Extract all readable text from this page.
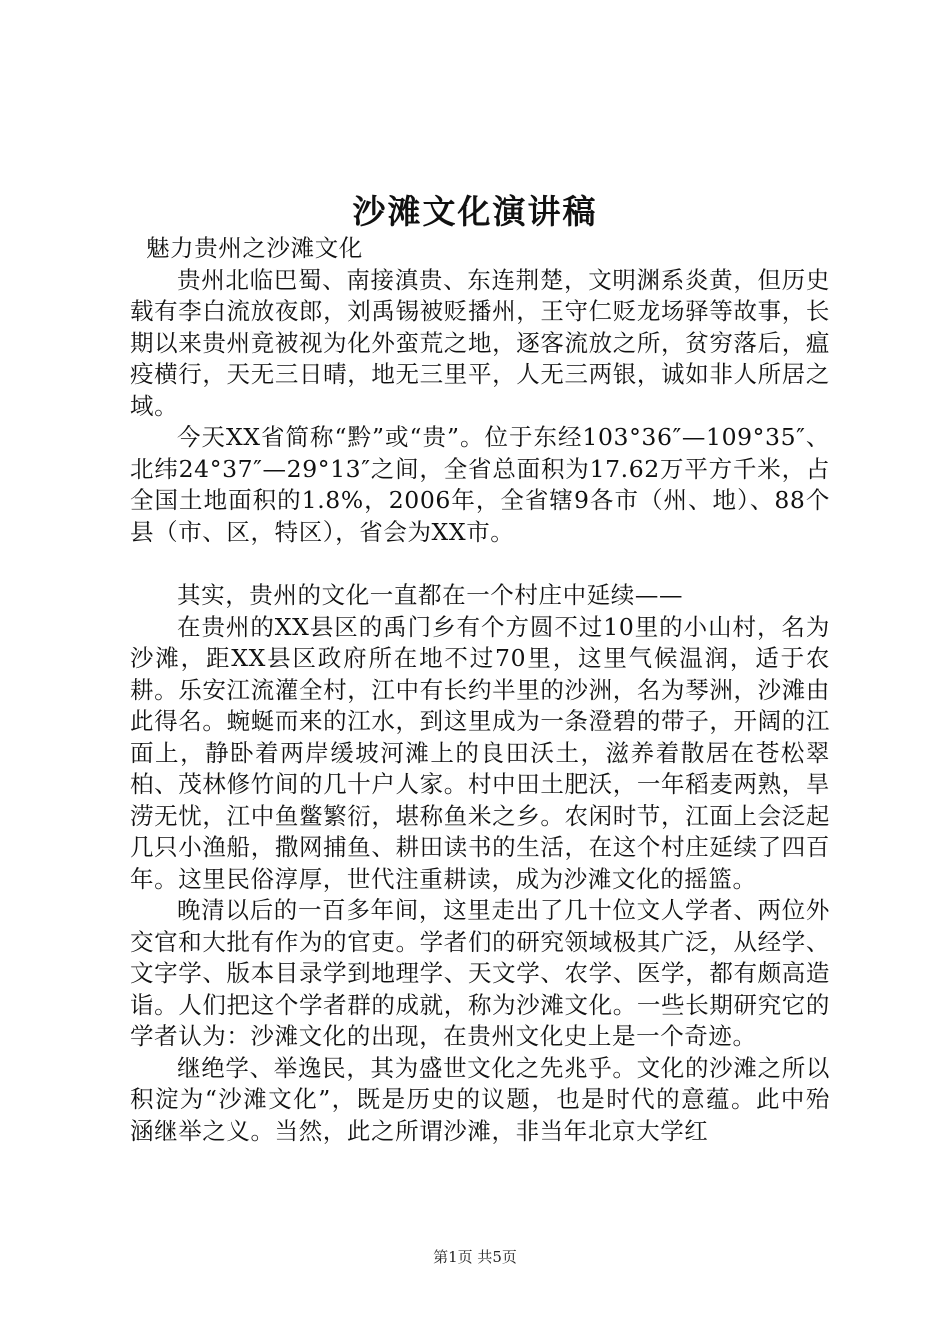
沙滩文化演讲稿

魅力贵州之沙滩文化

贵州北临巴蜀、南接滇贵、东连荆楚，文明渊系炎黄，但历史载有李白流放夜郎，刘禹锡被贬播州，王守仁贬龙场驿等故事，长期以来贵州竟被视为化外蛮荒之地，逐客流放之所，贫穷落后，瘟疫横行，天无三日晴，地无三里平，人无三两银，诚如非人所居之域。

今天XX省简称“黔”或“贵”。位于东经103°36″—109°35″、北纬24°37″—29°13″之间，全省总面积为17.62万平方千米，占全国土地面积的1.8%，2006年，全省辖9各市（州、地）、88个县（市、区，特区），省会为XX市。

其实，贵州的文化一直都在一个村庄中延续——

在贵州的XX县区的禹门乡有个方圆不过10里的小山村，名为沙滩，距XX县区政府所在地不过70里，这里气候温润，适于农耕。乐安江流灌全村，江中有长约半里的沙洲，名为琴洲，沙滩由此得名。蜿蜒而来的江水，到这里成为一条澄碧的带子，开阔的江面上，静卧着两岸缓坡河滩上的良田沃土，滋养着散居在苍松翠柏、茂林修竹间的几十户人家。村中田土肥沃，一年稻麦两熟，旱涝无忧，江中鱼鳖繁衍，堪称鱼米之乡。农闲时节，江面上会泛起几只小渔船，撒网捕鱼、耕田读书的生活，在这个村庄延续了四百年。这里民俗淳厚，世代注重耕读，成为沙滩文化的摇篮。

晚清以后的一百多年间，这里走出了几十位文人学者、两位外交官和大批有作为的官吏。学者们的研究领域极其广泛，从经学、文字学、版本目录学到地理学、天文学、农学、医学，都有颇高造诣。人们把这个学者群的成就，称为沙滩文化。一些长期研究它的学者认为：沙滩文化的出现，在贵州文化史上是一个奇迹。

继绝学、举逸民，其为盛世文化之先兆乎。文化的沙滩之所以积淀为“沙滩文化”，既是历史的议题，也是时代的意蕴。此中殆涵继举之义。当然，此之所谓沙滩，非当年北京大学红

第1页 共5页
